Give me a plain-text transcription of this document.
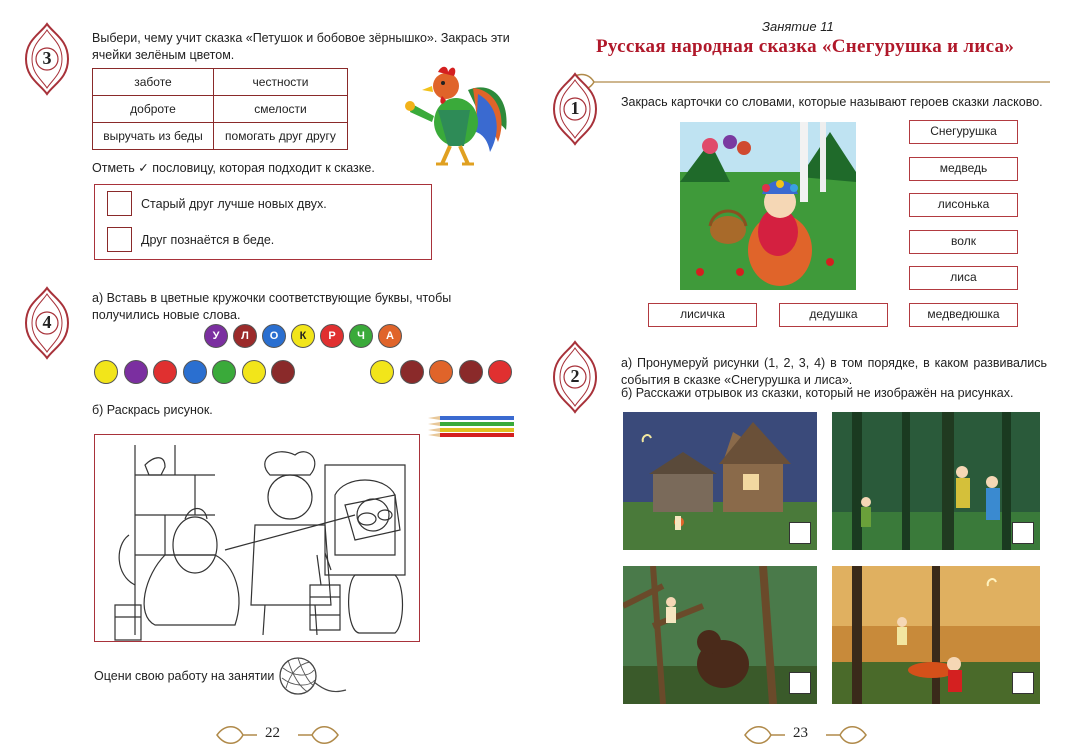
3
Выбери, чему учит сказка «Петушок и бобовое зёрнышко». Закрась эти ячейки зелёным цветом.
заботе	честности
доброте	смелости
выручать из беды	помогать друг другу
Отметь ✓ пословицу, которая подходит к сказке.
Старый друг лучше новых двух.
Друг познаётся в беде.
4
а) Вставь в цветные кружочки соответствующие буквы, чтобы получились новые слова.
У	Л	О	К	Р	Ч	А
б) Раскрась рисунок.
Оцени свою работу на занятии
22
Занятие 11
Русская народная сказка «Снегурушка и лиса»
1	Закрась карточки со словами, которые называют героев сказки ласково.
Снегурушка
медведь
лисонька
волк
лиса
медведюшка
лисичка	дедушка
2
а) Пронумеруй рисунки (1, 2, 3, 4) в том порядке, в каком развивались события в сказке «Снегурушка и лиса».
б) Расскажи отрывок из сказки, который не изображён на рисунках.
23
